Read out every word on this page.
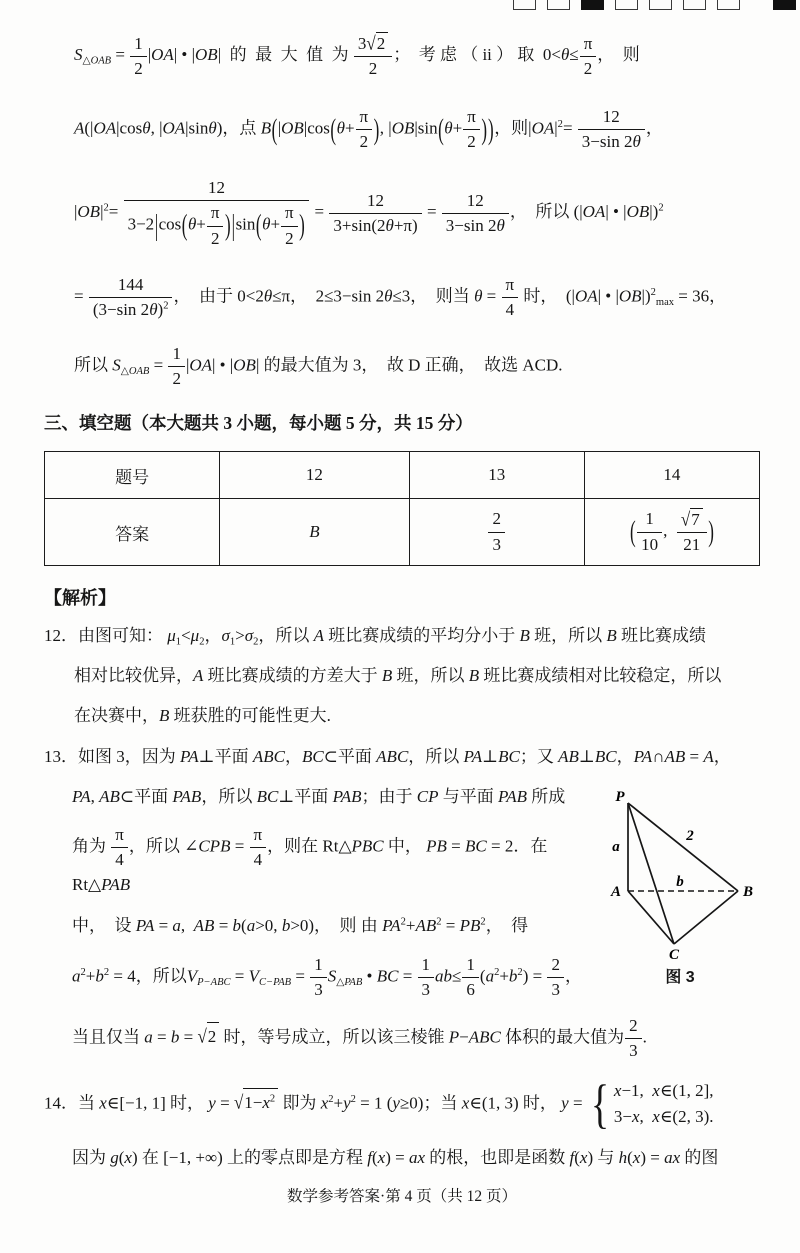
$S_{\triangle OAB} = \frac{1}{2} |OA|$ • |OB|  的  最  大  值  为 $\frac{3√2}{2}$ ；  考 虑 （ ii ） 取  $0<\theta\le \frac{\pi}{2}$ ，  则
A(|OA|cosθ, |OA|sinθ)，点 $B(|OB|\cos(\theta+ \frac{\pi}{2}$ ), $|OB|\sin(\theta+ \frac{\pi}{2}$ ))，则$|OA|^2= \frac{12}{3-\sin 2\theta}$ ，
$|OB|^2= \frac{12}{3-2|\cos(\theta+ \frac{\pi}{2} )|\sin(\theta+ \frac{\pi}{2} )} = \frac{12}{3+\sin(2\theta+\pi)} = \frac{12}{3-\sin 2\theta}$ ，  所以 (|OA| • |OB|)$^2$
= $\frac{144}{(3-\sin 2\theta)^2}$ ，  由于 0<2θ≤π，  2≤3−sin 2θ≤3，  则当 $\theta = \frac{\pi}{4}$ 时，  (|OA| • |OB|)$^2_{max}$ = 36，
所以 $S_{\triangle OAB} = \frac{1}{2} |OA|$ • |OB| 的最大值为 3，  故 D 正确，  故选 ACD.
三、填空题（本大题共 3 小题，每小题 5 分，共 15 分）
题号	12	13	14
答案	B	$\frac{2}{3}$	( $\frac{1}{10}$ , $\frac{√7}{21}$ )
【解析】
12．由图可知： $\mu_1<\mu_2$，$\sigma_1>\sigma_2$，所以 A 班比赛成绩的平均分小于 B 班，所以 B 班比赛成绩
相对比较优异，A 班比赛成绩的方差大于 B 班，所以 B 班比赛成绩相对比较稳定，所以
在决赛中，B 班获胜的可能性更大.
13．如图 3，因为 PA⊥平面 ABC，BC⊂平面 ABC，所以 PA⊥BC；又 AB⊥BC，PA∩AB = A，
PA, AB⊂平面 PAB，所以 BC⊥平面 PAB；由于 CP 与平面 PAB 所成
角为 $\frac{\pi}{4}$ ，所以 ∠CPB = $\frac{\pi}{4}$ ，则在 Rt△PBC 中， PB = BC = 2．在 Rt△PAB
中，  设 PA = a,  AB = b(a>0, b>0)，  则 由 $PA^2+AB^2 = PB^2$，  得
$a^2+b^2 = 4$，所以$V_{P-ABC} = V_{C-PAB} = \frac{1}{3} S_{\triangle PAB}$ • BC = $\frac{1}{3} ab\le \frac{1}{6} (a^2+b^2) = \frac{2}{3}$ ，
P
A	B
C
a
2
b
图 3
当且仅当 a = b = √2 时，等号成立，所以该三棱锥 P−ABC 体积的最大值为 $\frac{2}{3}$ .
14．当 x∈[−1, 1] 时， $y = √1-x^2$ 即为 $x^2+y^2 = 1$ (y≥0)；当 x∈(1, 3) 时， y = { x−1,  x∈(1, 2],
3−x,  x∈(2, 3).
因为 g(x) 在 [−1, +∞) 上的零点即是方程 f(x) = ax 的根，也即是函数 f(x) 与 h(x) = ax 的图
数学参考答案·第 4 页（共 12 页）
